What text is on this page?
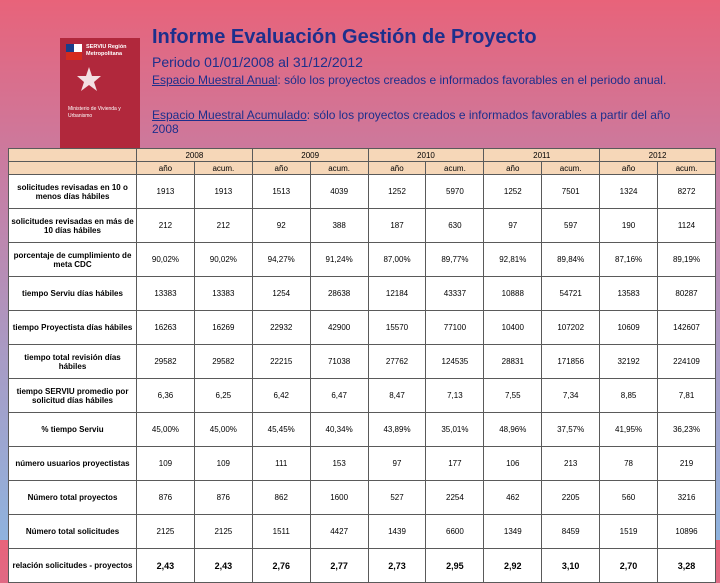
SERVIU Región Metropolitana
Ministerio de Vivienda y Urbanismo
Informe Evaluación Gestión de Proyecto
Periodo 01/01/2008 al 31/12/2012
Espacio Muestral Anual: sólo los proyectos creados e informados favorables en el periodo anual.
Espacio Muestral Acumulado: sólo los proyectos creados e informados favorables a partir del año 2008
	2008		2009		2010		2011		2012	
	año	acum.	año	acum.	año	acum.	año	acum.	año	acum.
solicitudes revisadas en 10 o menos días hábiles	1913	1913	1513	4039	1252	5970	1252	7501	1324	8272
solicitudes revisadas en más de 10 días hábiles	212	212	92	388	187	630	97	597	190	1124
porcentaje de cumplimiento de meta CDC	90,02%	90,02%	94,27%	91,24%	87,00%	89,77%	92,81%	89,84%	87,16%	89,19%
tiempo Serviu días hábiles	13383	13383	1254	28638	12184	43337	10888	54721	13583	80287
tiempo Proyectista días hábiles	16263	16269	22932	42900	15570	77100	10400	107202	10609	142607
tiempo total revisión días hábiles	29582	29582	22215	71038	27762	124535	28831	171856	32192	224109
tiempo SERVIU promedio por solicitud días hábiles	6,36	6,25	6,42	6,47	8,47	7,13	7,55	7,34	8,85	7,81
% tiempo Serviu	45,00%	45,00%	45,45%	40,34%	43,89%	35,01%	48,96%	37,57%	41,95%	36,23%
número usuarios proyectistas	109	109	111	153	97	177	106	213	78	219
Número total proyectos	876	876	862	1600	527	2254	462	2205	560	3216
Número total solicitudes	2125	2125	1511	4427	1439	6600	1349	8459	1519	10896
relación solicitudes - proyectos	2,43	2,43	2,76	2,77	2,73	2,95	2,92	3,10	2,70	3,28
